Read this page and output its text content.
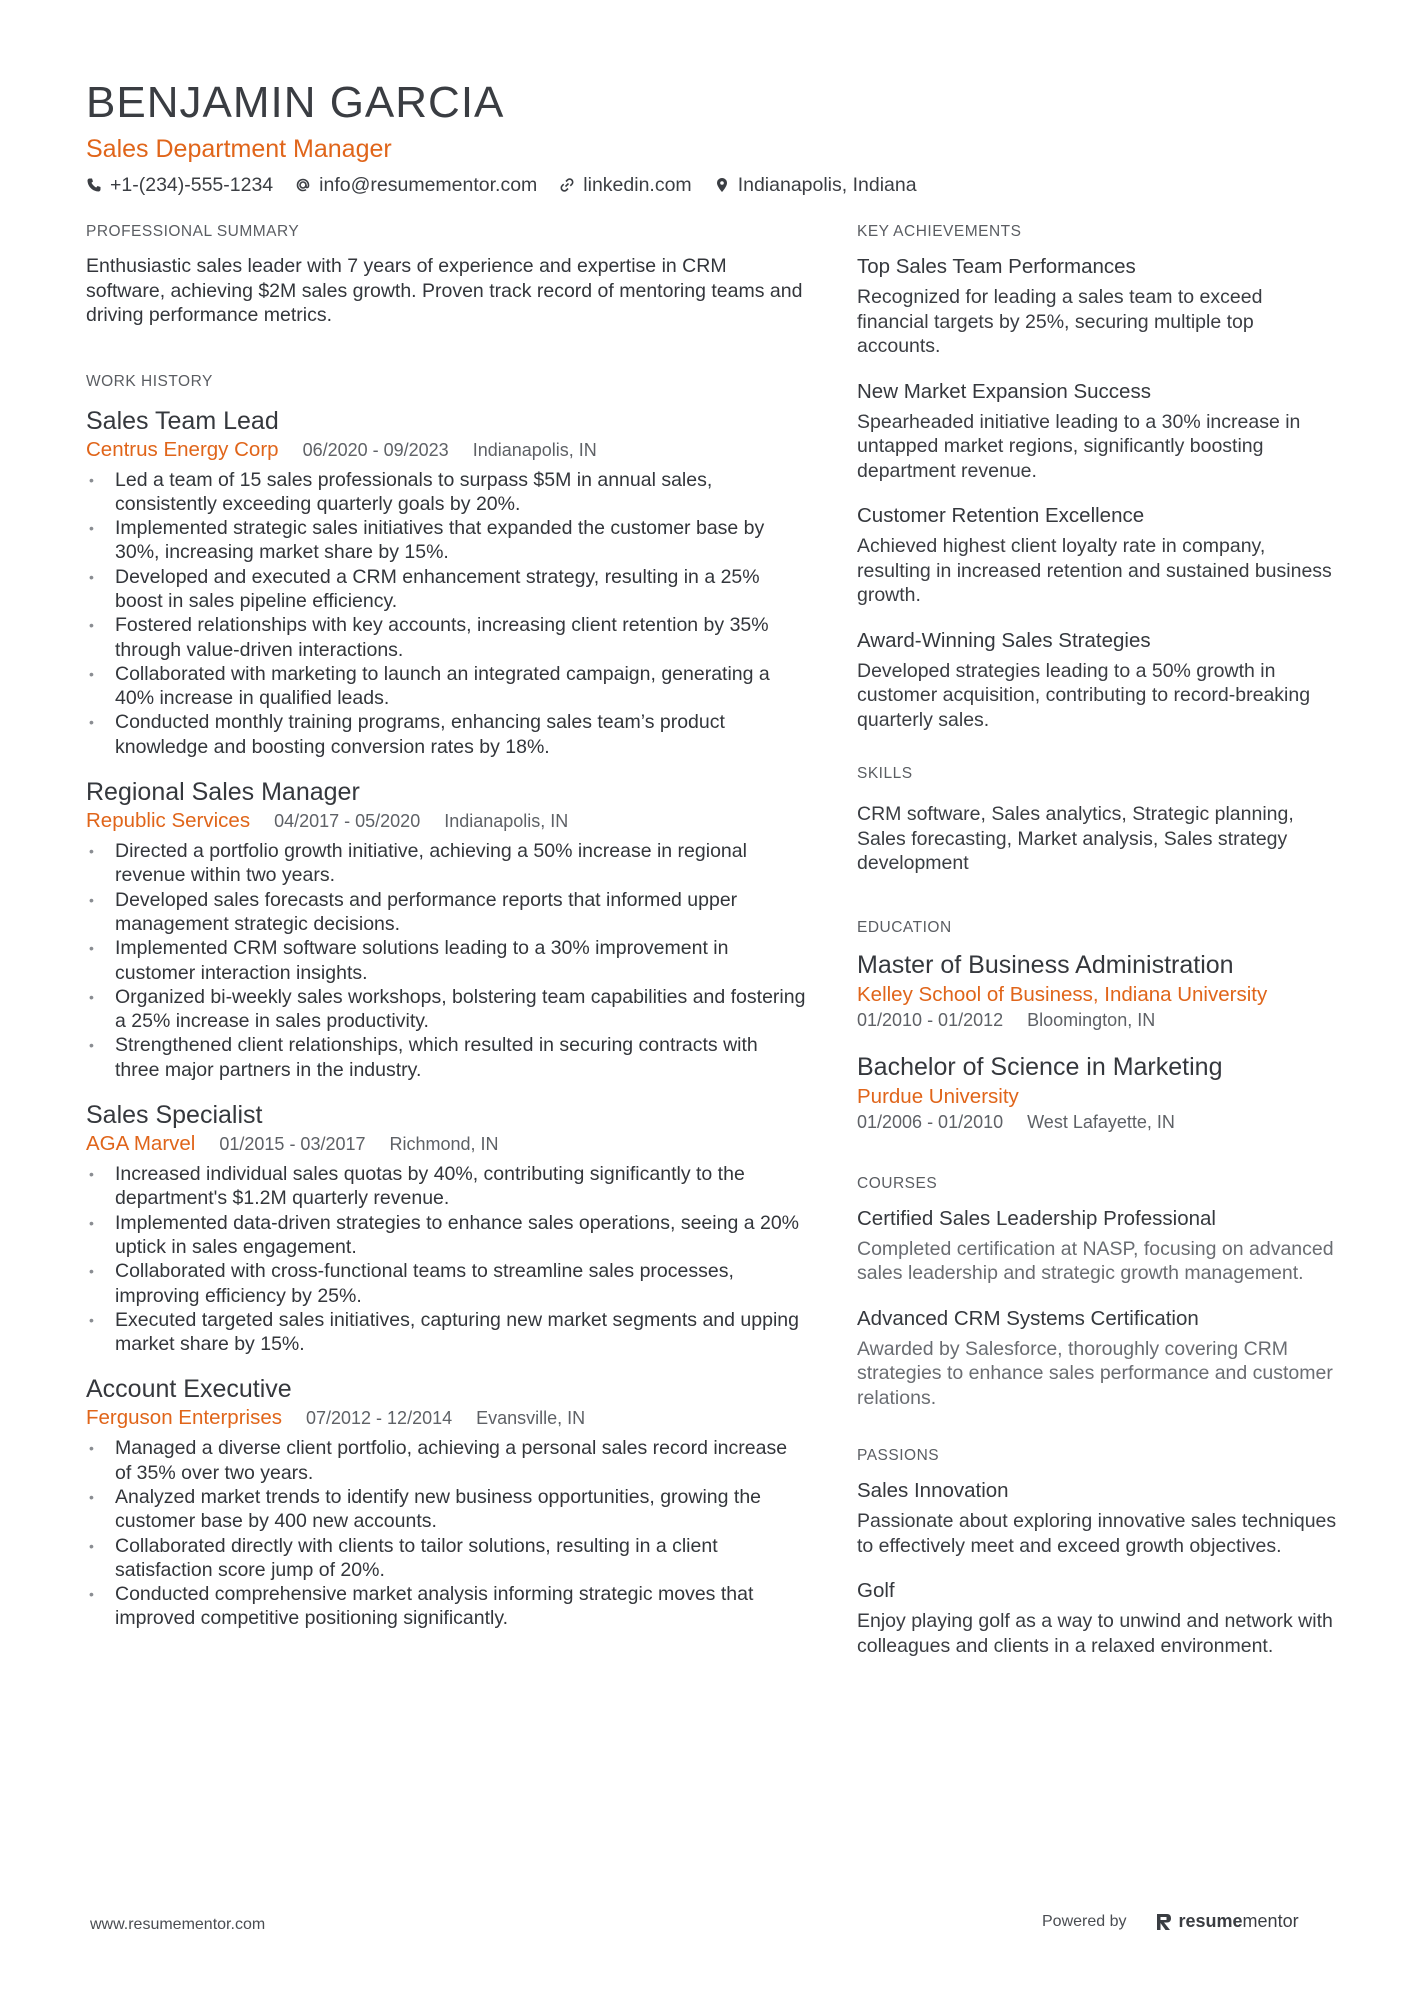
BENJAMIN GARCIA
Sales Department Manager
+1-(234)-555-1234 info@resumementor.com linkedin.com Indianapolis, Indiana
PROFESSIONAL SUMMARY

Enthusiastic sales leader with 7 years of experience and expertise in CRM software, achieving $2M sales growth. Proven track record of mentoring teams and driving performance metrics.

WORK HISTORY
Sales Team Lead
Centrus Energy Corp 06/2020 - 09/2023 Indianapolis, IN
• Led a team of 15 sales professionals to surpass $5M in annual sales, consistently exceeding quarterly goals by 20%.
• Implemented strategic sales initiatives that expanded the customer base by 30%, increasing market share by 15%.
• Developed and executed a CRM enhancement strategy, resulting in a 25% boost in sales pipeline efficiency.
• Fostered relationships with key accounts, increasing client retention by 35% through value-driven interactions.
• Collaborated with marketing to launch an integrated campaign, generating a 40% increase in qualified leads.
• Conducted monthly training programs, enhancing sales team’s product knowledge and boosting conversion rates by 18%.
Regional Sales Manager
Republic Services 04/2017 - 05/2020 Indianapolis, IN
• Directed a portfolio growth initiative, achieving a 50% increase in regional revenue within two years.
• Developed sales forecasts and performance reports that informed upper management strategic decisions.
• Implemented CRM software solutions leading to a 30% improvement in customer interaction insights.
• Organized bi-weekly sales workshops, bolstering team capabilities and fostering a 25% increase in sales productivity.
• Strengthened client relationships, which resulted in securing contracts with three major partners in the industry.
Sales Specialist
AGA Marvel 01/2015 - 03/2017 Richmond, IN
• Increased individual sales quotas by 40%, contributing significantly to the department's $1.2M quarterly revenue.
• Implemented data-driven strategies to enhance sales operations, seeing a 20% uptick in sales engagement.
• Collaborated with cross-functional teams to streamline sales processes, improving efficiency by 25%.
• Executed targeted sales initiatives, capturing new market segments and upping market share by 15%.
Account Executive
Ferguson Enterprises 07/2012 - 12/2014 Evansville, IN
• Managed a diverse client portfolio, achieving a personal sales record increase of 35% over two years.
• Analyzed market trends to identify new business opportunities, growing the customer base by 400 new accounts.
• Collaborated directly with clients to tailor solutions, resulting in a client satisfaction score jump of 20%.
• Conducted comprehensive market analysis informing strategic moves that improved competitive positioning significantly.
KEY ACHIEVEMENTS
Top Sales Team Performances
Recognized for leading a sales team to exceed financial targets by 25%, securing multiple top accounts.
New Market Expansion Success
Spearheaded initiative leading to a 30% increase in untapped market regions, significantly boosting department revenue.
Customer Retention Excellence
Achieved highest client loyalty rate in company, resulting in increased retention and sustained business growth.
Award-Winning Sales Strategies
Developed strategies leading to a 50% growth in customer acquisition, contributing to record-breaking quarterly sales.
SKILLS
CRM software, Sales analytics, Strategic planning, Sales forecasting, Market analysis, Sales strategy development
EDUCATION
Master of Business Administration
Kelley School of Business, Indiana University
01/2010 - 01/2012 Bloomington, IN
Bachelor of Science in Marketing
Purdue University
01/2006 - 01/2010 West Lafayette, IN
COURSES
Certified Sales Leadership Professional
Completed certification at NASP, focusing on advanced sales leadership and strategic growth management.
Advanced CRM Systems Certification
Awarded by Salesforce, thoroughly covering CRM strategies to enhance sales performance and customer relations.
PASSIONS
Sales Innovation
Passionate about exploring innovative sales techniques to effectively meet and exceed growth objectives.
Golf
Enjoy playing golf as a way to unwind and network with colleagues and clients in a relaxed environment.
www.resumementor.com	Powered by	resumementor
